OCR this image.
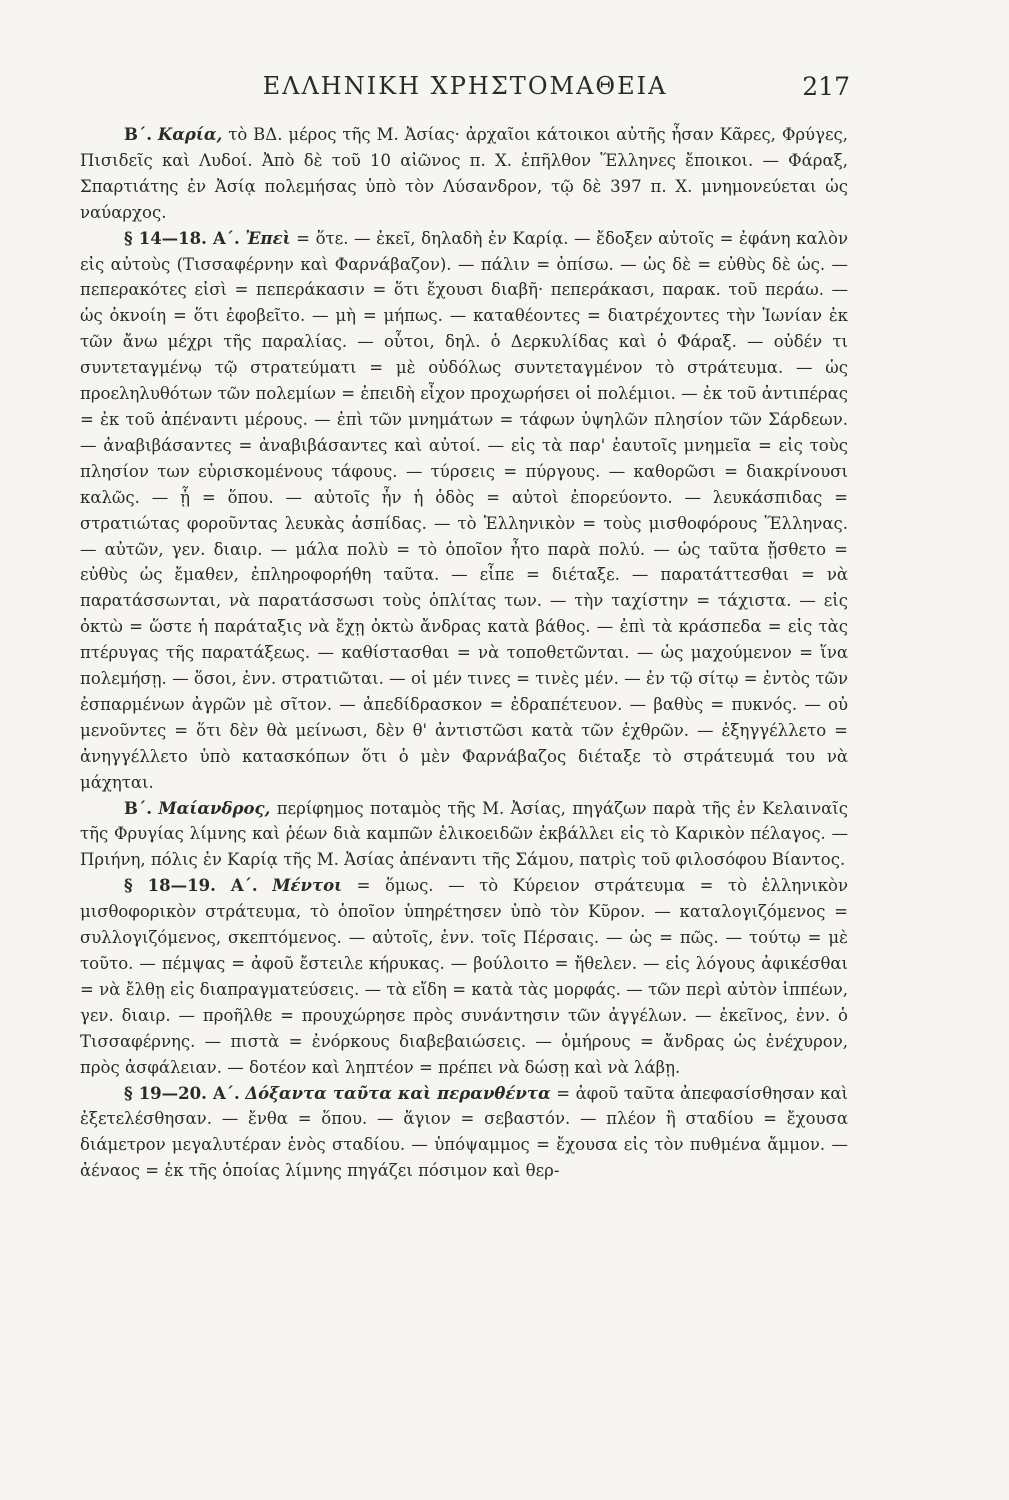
ΕΛΛΗΝΙΚΗ ΧΡΗΣΤΟΜΑΘΕΙΑ	217

Β΄. Καρία, τὸ ΒΔ. μέρος τῆς Μ. Ἀσίας· ἀρχαῖοι κάτοικοι αὐτῆς ἦσαν Κᾶρες, Φρύγες, Πισιδεῖς καὶ Λυδοί. Ἀπὸ δὲ τοῦ 10 αἰῶνος π. Χ. ἐπῆλθον Ἕλληνες ἔποικοι. — Φάραξ, Σπαρτιάτης ἐν Ἀσίᾳ πολεμήσας ὑπὸ τὸν Λύσανδρον, τῷ δὲ 397 π. Χ. μνημονεύεται ὡς ναύαρχος.

§ 14—18. Α΄. Ἐπεὶ = ὅτε. — ἐκεῖ, δηλαδὴ ἐν Καρίᾳ. — ἔδοξεν αὐτοῖς = ἐφάνη καλὸν εἰς αὐτοὺς (Τισσαφέρνην καὶ Φαρνάβαζον). — πάλιν = ὀπίσω. — ὡς δὲ = εὐθὺς δὲ ὡς. — πεπερακότες εἰσὶ = πεπεράκασιν = ὅτι ἔχουσι διαβῆ· πεπεράκασι, παρακ. τοῦ περάω. — ὡς ὀκνοίη = ὅτι ἐφοβεῖτο. — μὴ = μήπως. — καταθέοντες = διατρέχοντες τὴν Ἰωνίαν ἐκ τῶν ἄνω μέχρι τῆς παραλίας. — οὗτοι, δηλ. ὁ Δερκυλίδας καὶ ὁ Φάραξ. — οὐδέν τι συντεταγμένῳ τῷ στρατεύματι = μὲ οὐδόλως συντεταγμένον τὸ στράτευμα. — ὡς προεληλυθότων τῶν πολεμίων = ἐπειδὴ εἶχον προχωρήσει οἱ πολέμιοι. — ἐκ τοῦ ἀντιπέρας = ἐκ τοῦ ἀπέναντι μέρους. — ἐπὶ τῶν μνημάτων = τάφων ὑψηλῶν πλησίον τῶν Σάρδεων. — ἀναβιβάσαντες = ἀναβιβάσαντες καὶ αὐτοί. — εἰς τὰ παρ' ἑαυτοῖς μνημεῖα = εἰς τοὺς πλησίον των εὑρισκομένους τάφους. — τύρσεις = πύργους. — καθορῶσι = διακρίνουσι καλῶς. — ᾗ = ὅπου. — αὐτοῖς ἦν ἡ ὁδὸς = αὐτοὶ ἐπορεύοντο. — λευκάσπιδας = στρατιώτας φοροῦντας λευκὰς ἀσπίδας. — τὸ Ἑλληνικὸν = τοὺς μισθοφόρους Ἕλληνας. — αὐτῶν, γεν. διαιρ. — μάλα πολὺ = τὸ ὁποῖον ἦτο παρὰ πολύ. — ὡς ταῦτα ᾔσθετο = εὐθὺς ὡς ἔμαθεν, ἐπληροφορήθη ταῦτα. — εἶπε = διέταξε. — παρατάττεσθαι = νὰ παρατάσσωνται, νὰ παρατάσσωσι τοὺς ὁπλίτας των. — τὴν ταχίστην = τάχιστα. — εἰς ὀκτὼ = ὥστε ἡ παράταξις νὰ ἔχῃ ὀκτὼ ἄνδρας κατὰ βάθος. — ἐπὶ τὰ κράσπεδα = εἰς τὰς πτέρυγας τῆς παρατάξεως. — καθίστασθαι = νὰ τοποθετῶνται. — ὡς μαχούμενον = ἵνα πολεμήσῃ. — ὅσοι, ἐνν. στρατιῶται. — οἱ μέν τινες = τινὲς μέν. — ἐν τῷ σίτῳ = ἐντὸς τῶν ἐσπαρμένων ἀγρῶν μὲ σῖτον. — ἀπεδίδρασκον = ἐδραπέτευον. — βαθὺς = πυκνός. — οὐ μενοῦντες = ὅτι δὲν θὰ μείνωσι, δὲν θ' ἀντιστῶσι κατὰ τῶν ἐχθρῶν. — ἐξηγγέλλετο = ἀνηγγέλλετο ὑπὸ κατασκόπων ὅτι ὁ μὲν Φαρνάβαζος διέταξε τὸ στράτευμά του νὰ μάχηται.

Β΄. Μαίανδρος, περίφημος ποταμὸς τῆς Μ. Ἀσίας, πηγάζων παρὰ τῆς ἐν Κελαιναῖς τῆς Φρυγίας λίμνης καὶ ῥέων διὰ καμπῶν ἑλικοειδῶν ἐκβάλλει εἰς τὸ Καρικὸν πέλαγος. — Πριήνη, πόλις ἐν Καρίᾳ τῆς Μ. Ἀσίας ἀπέναντι τῆς Σάμου, πατρὶς τοῦ φιλοσόφου Βίαντος.

§ 18—19. Α΄. Μέντοι = ὅμως. — τὸ Κύρειον στράτευμα = τὸ ἑλληνικὸν μισθοφορικὸν στράτευμα, τὸ ὁποῖον ὑπηρέτησεν ὑπὸ τὸν Κῦρον. — καταλογιζόμενος = συλλογιζόμενος, σκεπτόμενος. — αὐτοῖς, ἐνν. τοῖς Πέρσαις. — ὡς = πῶς. — τούτῳ = μὲ τοῦτο. — πέμψας = ἀφοῦ ἔστειλε κήρυκας. — βούλοιτο = ἤθελεν. — εἰς λόγους ἀφικέσθαι = νὰ ἔλθῃ εἰς διαπραγματεύσεις. — τὰ εἴδη = κατὰ τὰς μορφάς. — τῶν περὶ αὐτὸν ἱππέων, γεν. διαιρ. — προῆλθε = προυχώρησε πρὸς συνάντησιν τῶν ἀγγέλων. — ἐκεῖνος, ἐνν. ὁ Τισσαφέρνης. — πιστὰ = ἐνόρκους διαβεβαιώσεις. — ὁμήρους = ἄνδρας ὡς ἐνέχυρον, πρὸς ἀσφάλειαν. — δοτέον καὶ ληπτέον = πρέπει νὰ δώσῃ καὶ νὰ λάβῃ.

§ 19—20. Α΄. Δόξαντα ταῦτα καὶ περανθέντα = ἀφοῦ ταῦτα ἀπεφασίσθησαν καὶ ἐξετελέσθησαν. — ἔνθα = ὅπου. — ἅγιον = σεβαστόν. — πλέον ἢ σταδίου = ἔχουσα διάμετρον μεγαλυτέραν ἑνὸς σταδίου. — ὑπόψαμμος = ἔχουσα εἰς τὸν πυθμένα ἄμμον. — ἀέναος = ἐκ τῆς ὁποίας λίμνης πηγάζει πόσιμον καὶ θερ-
